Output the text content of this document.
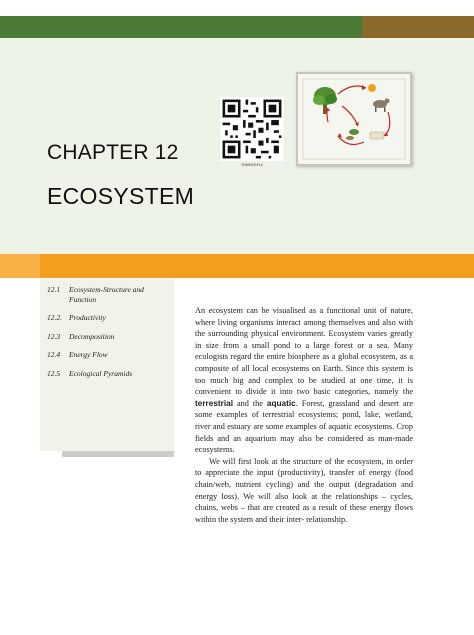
G9WE2H14
CHAPTER 12
ECOSYSTEM
12.1	Ecosystem-Structure and Function
12.2. Productivity
12.3	Decomposition
12.4	Energy Flow
12.5	Ecological Pyramids

An ecosystem can be visualised as a functional unit of nature, where living organisms interact among themselves and also with the surrounding physical environment. Ecosystem varies greatly in size from a small pond to a large forest or a sea. Many ecologists regard the entire biosphere as a global ecosystem, as a composite of all local ecosystems on Earth. Since this system is too much big and complex to be studied at one time, it is convenient to divide it into two basic categories, namely the terrestrial and the aquatic. Forest, grassland and desert are some examples of terrestrial ecosystems; pond, lake, wetland, river and estuary are some examples of aquatic ecosystems. Crop fields and an aquarium may also be considered as man-made ecosystems.

We will first look at the structure of the ecosystem, in order to appreciate the input (productivity), transfer of energy (food chain/web, nutrient cycling) and the output (degradation and energy loss). We will also look at the relationships – cycles, chains, webs – that are created as a result of these energy flows within the system and their inter- relationship.
